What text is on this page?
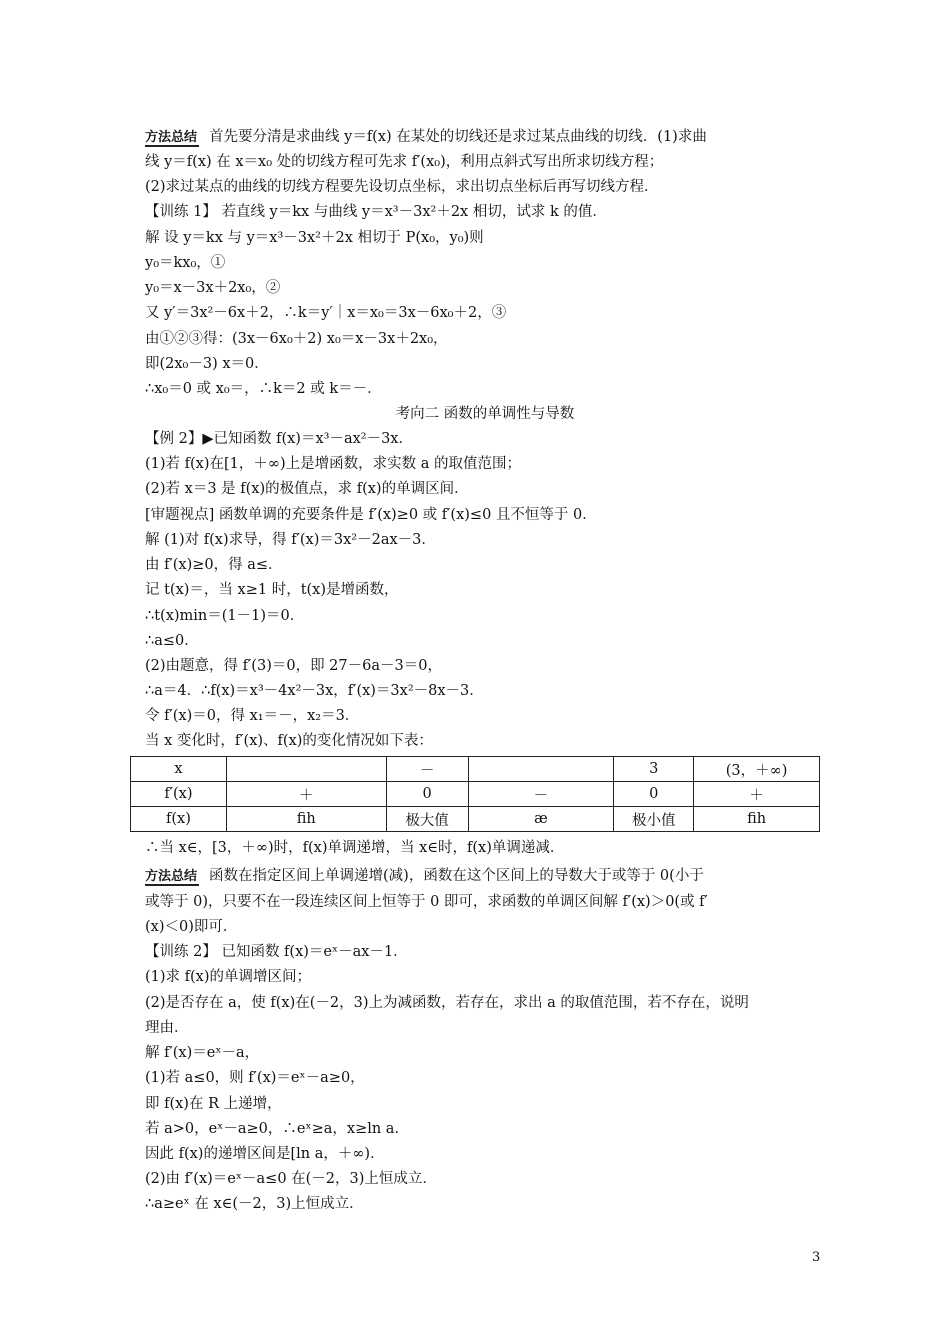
方法总结 首先要分清是求曲线 y＝f(x) 在某处的切线还是求过某点曲线的切线．(1)求曲
线 y＝f(x) 在 x＝x₀ 处的切线方程可先求 f′(x₀)，利用点斜式写出所求切线方程；
(2)求过某点的曲线的切线方程要先设切点坐标，求出切点坐标后再写切线方程．
【训练 1】 若直线 y＝kx 与曲线 y＝x³－3x²＋2x 相切，试求 k 的值．
解 设 y＝kx 与 y＝x³－3x²＋2x 相切于 P(x₀，y₀)则
y₀＝kx₀，①
y₀＝x－3x＋2x₀，②
又 y′＝3x²－6x＋2，∴k＝y′｜x＝x₀＝3x－6x₀＋2，③
由①②③得：(3x－6x₀＋2) x₀＝x－3x＋2x₀，
即(2x₀－3) x＝0．
∴x₀＝0 或 x₀＝，∴k＝2 或 k＝－．
考向二 函数的单调性与导数
【例 2】▶已知函数 f(x)＝x³－ax²－3x．
(1)若 f(x)在[1，＋∞)上是增函数，求实数 a 的取值范围；
(2)若 x＝3 是 f(x)的极值点，求 f(x)的单调区间．
[审题视点] 函数单调的充要条件是 f′(x)≥0 或 f′(x)≤0 且不恒等于 0．
解 (1)对 f(x)求导，得 f′(x)＝3x²－2ax－3．
由 f′(x)≥0，得 a≤．
记 t(x)＝，当 x≥1 时，t(x)是增函数，
∴t(x)min＝(1－1)＝0．
∴a≤0．
(2)由题意，得 f′(3)＝0，即 27－6a－3＝0，
∴a＝4．∴f(x)＝x³－4x²－3x，f′(x)＝3x²－8x－3．
令 f′(x)＝0，得 x₁＝－，x₂＝3．
当 x 变化时，f′(x)、f(x)的变化情况如下表：
x		－		3	(3，＋∞)
f′(x)	＋	0	－	0	＋
f(x)	ﬁh	极大值	æ	极小值	ﬁh
∴当 x∈，[3，＋∞)时，f(x)单调递增，当 x∈时，f(x)单调递减．
方法总结 函数在指定区间上单调递增(减)，函数在这个区间上的导数大于或等于 0(小于
或等于 0)，只要不在一段连续区间上恒等于 0 即可，求函数的单调区间解 f′(x)＞0(或 f′
(x)＜0)即可．
【训练 2】 已知函数 f(x)＝eˣ－ax－1．
(1)求 f(x)的单调增区间；
(2)是否存在 a，使 f(x)在(－2，3)上为减函数，若存在，求出 a 的取值范围，若不存在，说明
理由．
解 f′(x)＝eˣ－a，
(1)若 a≤0，则 f′(x)＝eˣ－a≥0，
即 f(x)在 R 上递增，
若 a>0，eˣ－a≥0，∴eˣ≥a，x≥ln a．
因此 f(x)的递增区间是[ln a，＋∞)．
(2)由 f′(x)＝eˣ－a≤0 在(－2，3)上恒成立．
∴a≥eˣ 在 x∈(－2，3)上恒成立．
3
